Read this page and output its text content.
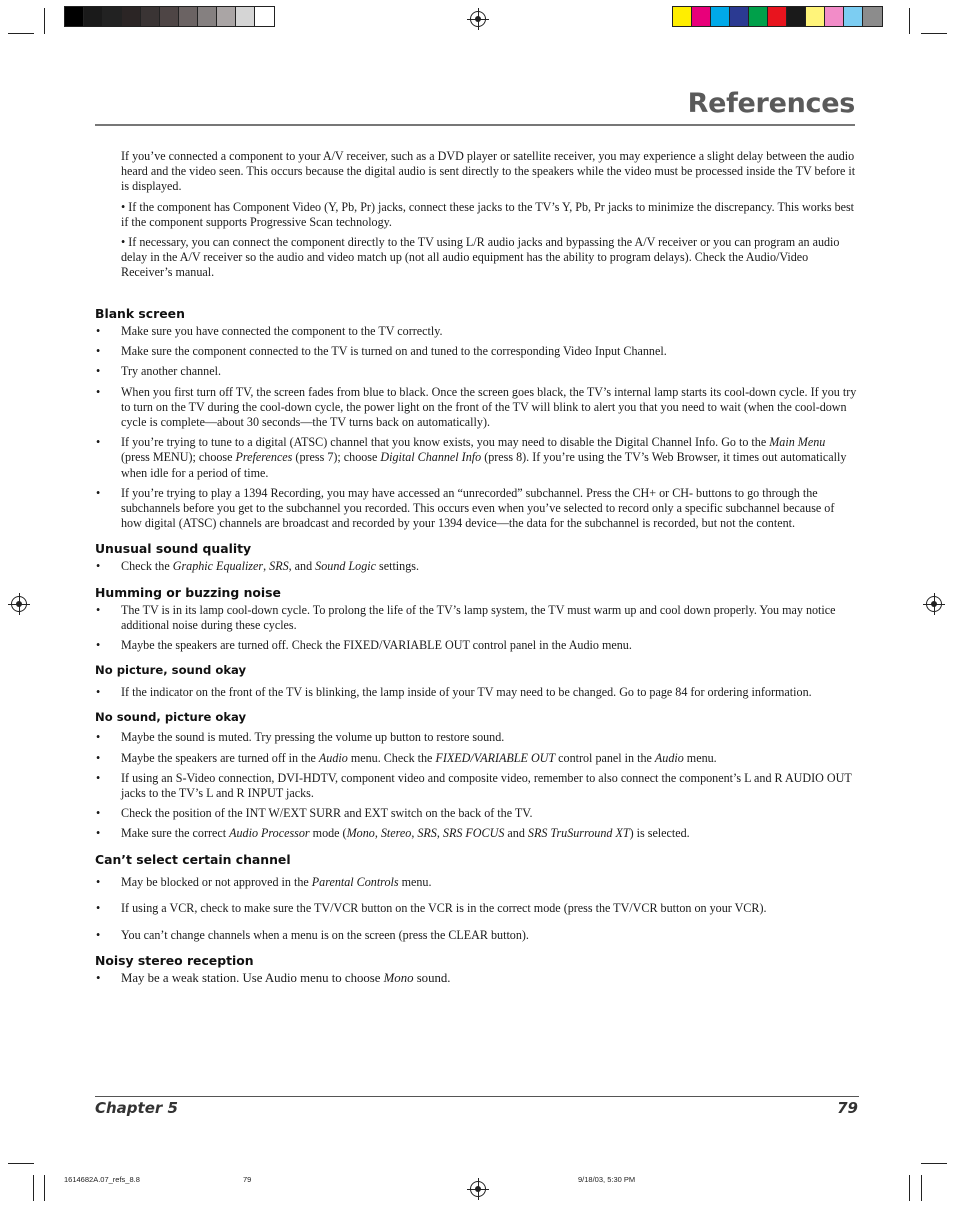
References

If you’ve connected a component to your A/V receiver, such as a DVD player or satellite receiver, you may experience a slight delay between the audio heard and the video seen. This occurs because the digital audio is sent directly to the speakers while the video must be processed inside the TV before it is displayed.

• If the component has Component Video (Y, Pb, Pr) jacks, connect these jacks to the TV’s Y, Pb, Pr jacks to minimize the discrepancy. This works best if the component supports Progressive Scan technology.

• If necessary, you can connect the component directly to the TV using L/R audio jacks and bypassing the A/V receiver or you can program an audio delay in the A/V receiver so the audio and video match up (not all audio equipment has the ability to program delays). Check the Audio/Video Receiver’s manual.

Blank screen
• Make sure you have connected the component to the TV correctly.
• Make sure the component connected to the TV is turned on and tuned to the corresponding Video Input Channel.
• Try another channel.
• When you first turn off TV, the screen fades from blue to black. Once the screen goes black, the TV’s internal lamp starts its cool-down cycle. If you try to turn on the TV during the cool-down cycle, the power light on the front of the TV will blink to alert you that you need to wait (when the cool-down cycle is complete—about 30 seconds—the TV turns back on automatically).
• If you’re trying to tune to a digital (ATSC) channel that you know exists, you may need to disable the Digital Channel Info. Go to the Main Menu (press MENU); choose Preferences (press 7); choose Digital Channel Info (press 8). If you’re using the TV’s Web Browser, it times out automatically when idle for a period of time.
• If you’re trying to play a 1394 Recording, you may have accessed an “unrecorded” subchannel. Press the CH+ or CH- buttons to go through the subchannels before you get to the subchannel you recorded. This occurs even when you’ve selected to record only a specific subchannel because of how digital (ATSC) channels are broadcast and recorded by your 1394 device—the data for the subchannel is recorded, but not the content.
Unusual sound quality
• Check the Graphic Equalizer, SRS, and Sound Logic settings.
Humming or buzzing noise
• The TV is in its lamp cool-down cycle. To prolong the life of the TV’s lamp system, the TV must warm up and cool down properly. You may notice additional noise during these cycles.
• Maybe the speakers are turned off. Check the FIXED/VARIABLE OUT control panel in the Audio menu.
No picture, sound okay
• If the indicator on the front of the TV is blinking, the lamp inside of your TV may need to be changed. Go to page 84 for ordering information.
No sound, picture okay
• Maybe the sound is muted. Try pressing the volume up button to restore sound.
• Maybe the speakers are turned off in the Audio menu. Check the FIXED/VARIABLE OUT control panel in the Audio menu.
• If using an S-Video connection, DVI-HDTV, component video and composite video, remember to also connect the component’s L and R AUDIO OUT jacks to the TV’s L and R INPUT jacks.
• Check the position of the INT W/EXT SURR and EXT switch on the back of the TV.
• Make sure the correct Audio Processor mode (Mono, Stereo, SRS, SRS FOCUS and SRS TruSurround XT) is selected.
Can’t select certain channel
• May be blocked or not approved in the Parental Controls menu.
• If using a VCR, check to make sure the TV/VCR button on the VCR is in the correct mode (press the TV/VCR button on your VCR).
• You can’t change channels when a menu is on the screen (press the CLEAR button).
Noisy stereo reception
• May be a weak station. Use Audio menu to choose Mono sound.
Chapter 5	79
1614682A.07_refs_8.8	79	9/18/03, 5:30 PM
